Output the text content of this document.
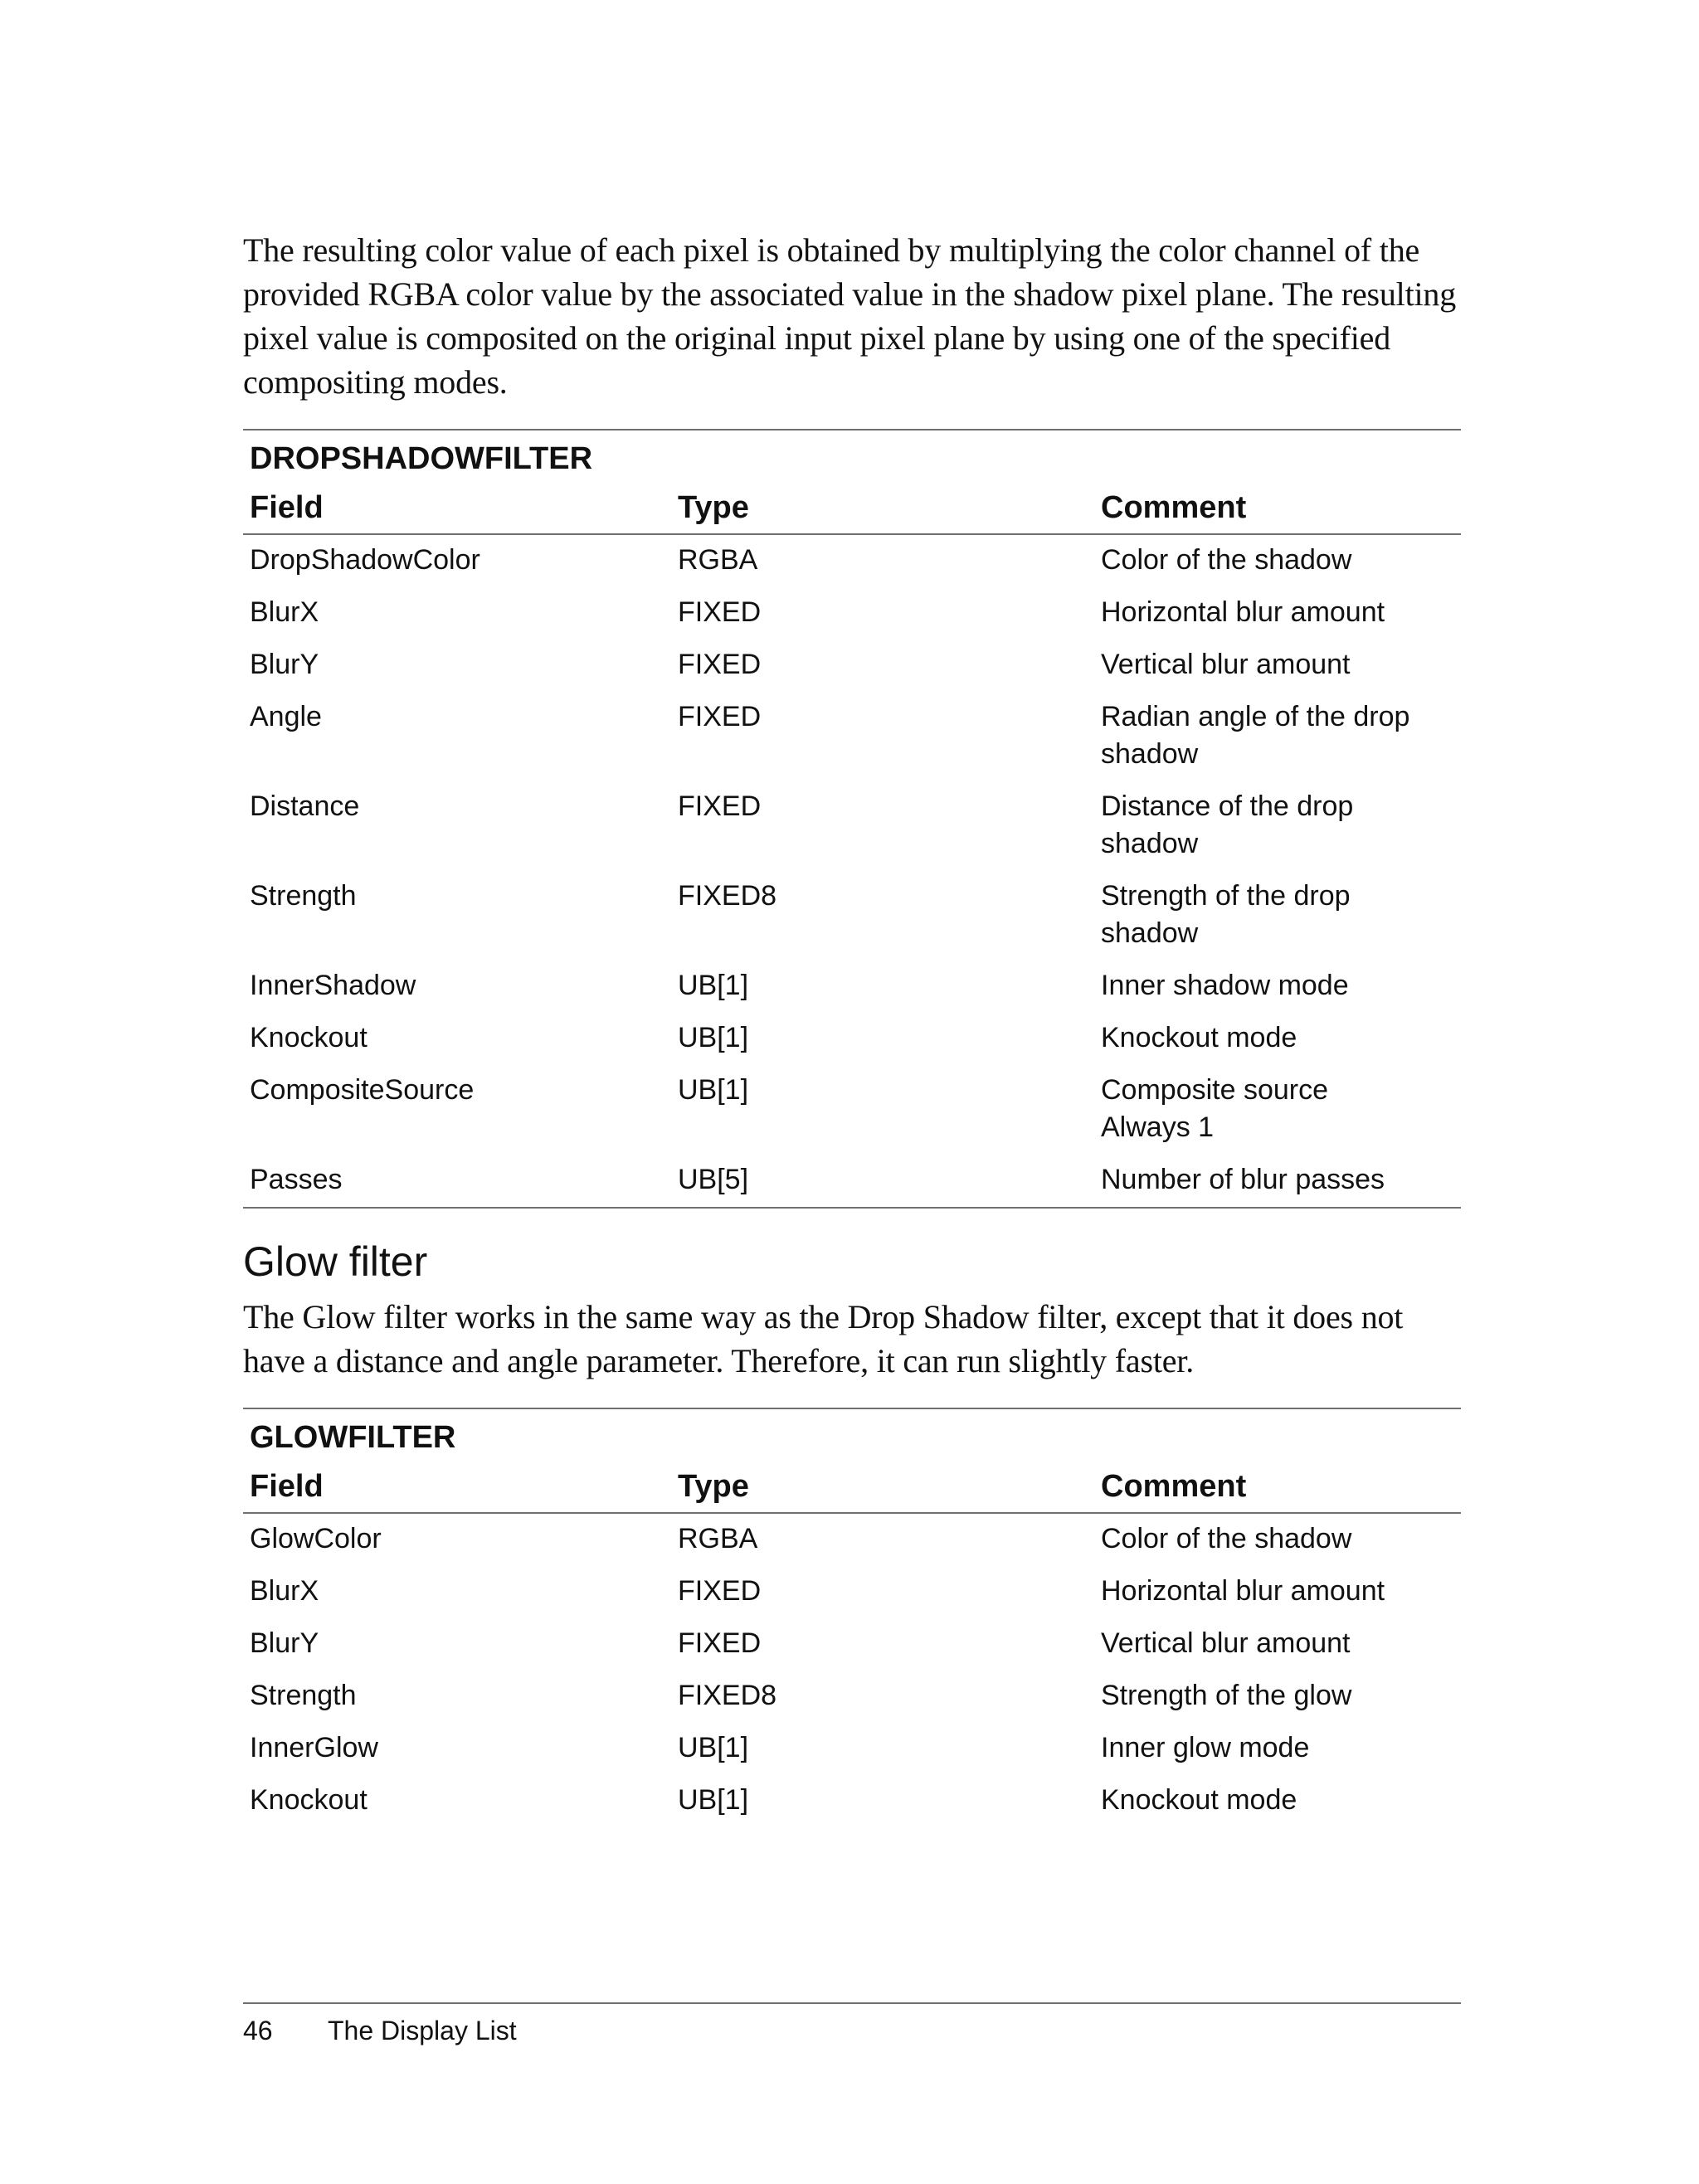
The resulting color value of each pixel is obtained by multiplying the color channel of the provided RGBA color value by the associated value in the shadow pixel plane. The resulting pixel value is composited on the original input pixel plane by using one of the specified compositing modes.

DROPSHADOWFILTER
Field	Type	Comment
DropShadowColor	RGBA	Color of the shadow

BlurX	FIXED	Horizontal blur amount

BlurY	FIXED	Vertical blur amount

Angle	FIXED	Radian angle of the drop
shadow

Distance	FIXED	Distance of the drop
shadow

Strength	FIXED8	Strength of the drop
shadow

InnerShadow	UB[1]	Inner shadow mode

Knockout	UB[1]	Knockout mode

CompositeSource	UB[1]	Composite source
Always 1

Passes	UB[5]	Number of blur passes
Glow filter

The Glow filter works in the same way as the Drop Shadow filter, except that it does not have a distance and angle parameter. Therefore, it can run slightly faster.

GLOWFILTER
Field	Type	Comment
GlowColor	RGBA	Color of the shadow

BlurX	FIXED	Horizontal blur amount

BlurY	FIXED	Vertical blur amount

Strength	FIXED8	Strength of the glow

InnerGlow	UB[1]	Inner glow mode

Knockout	UB[1]	Knockout mode
46	The Display List
